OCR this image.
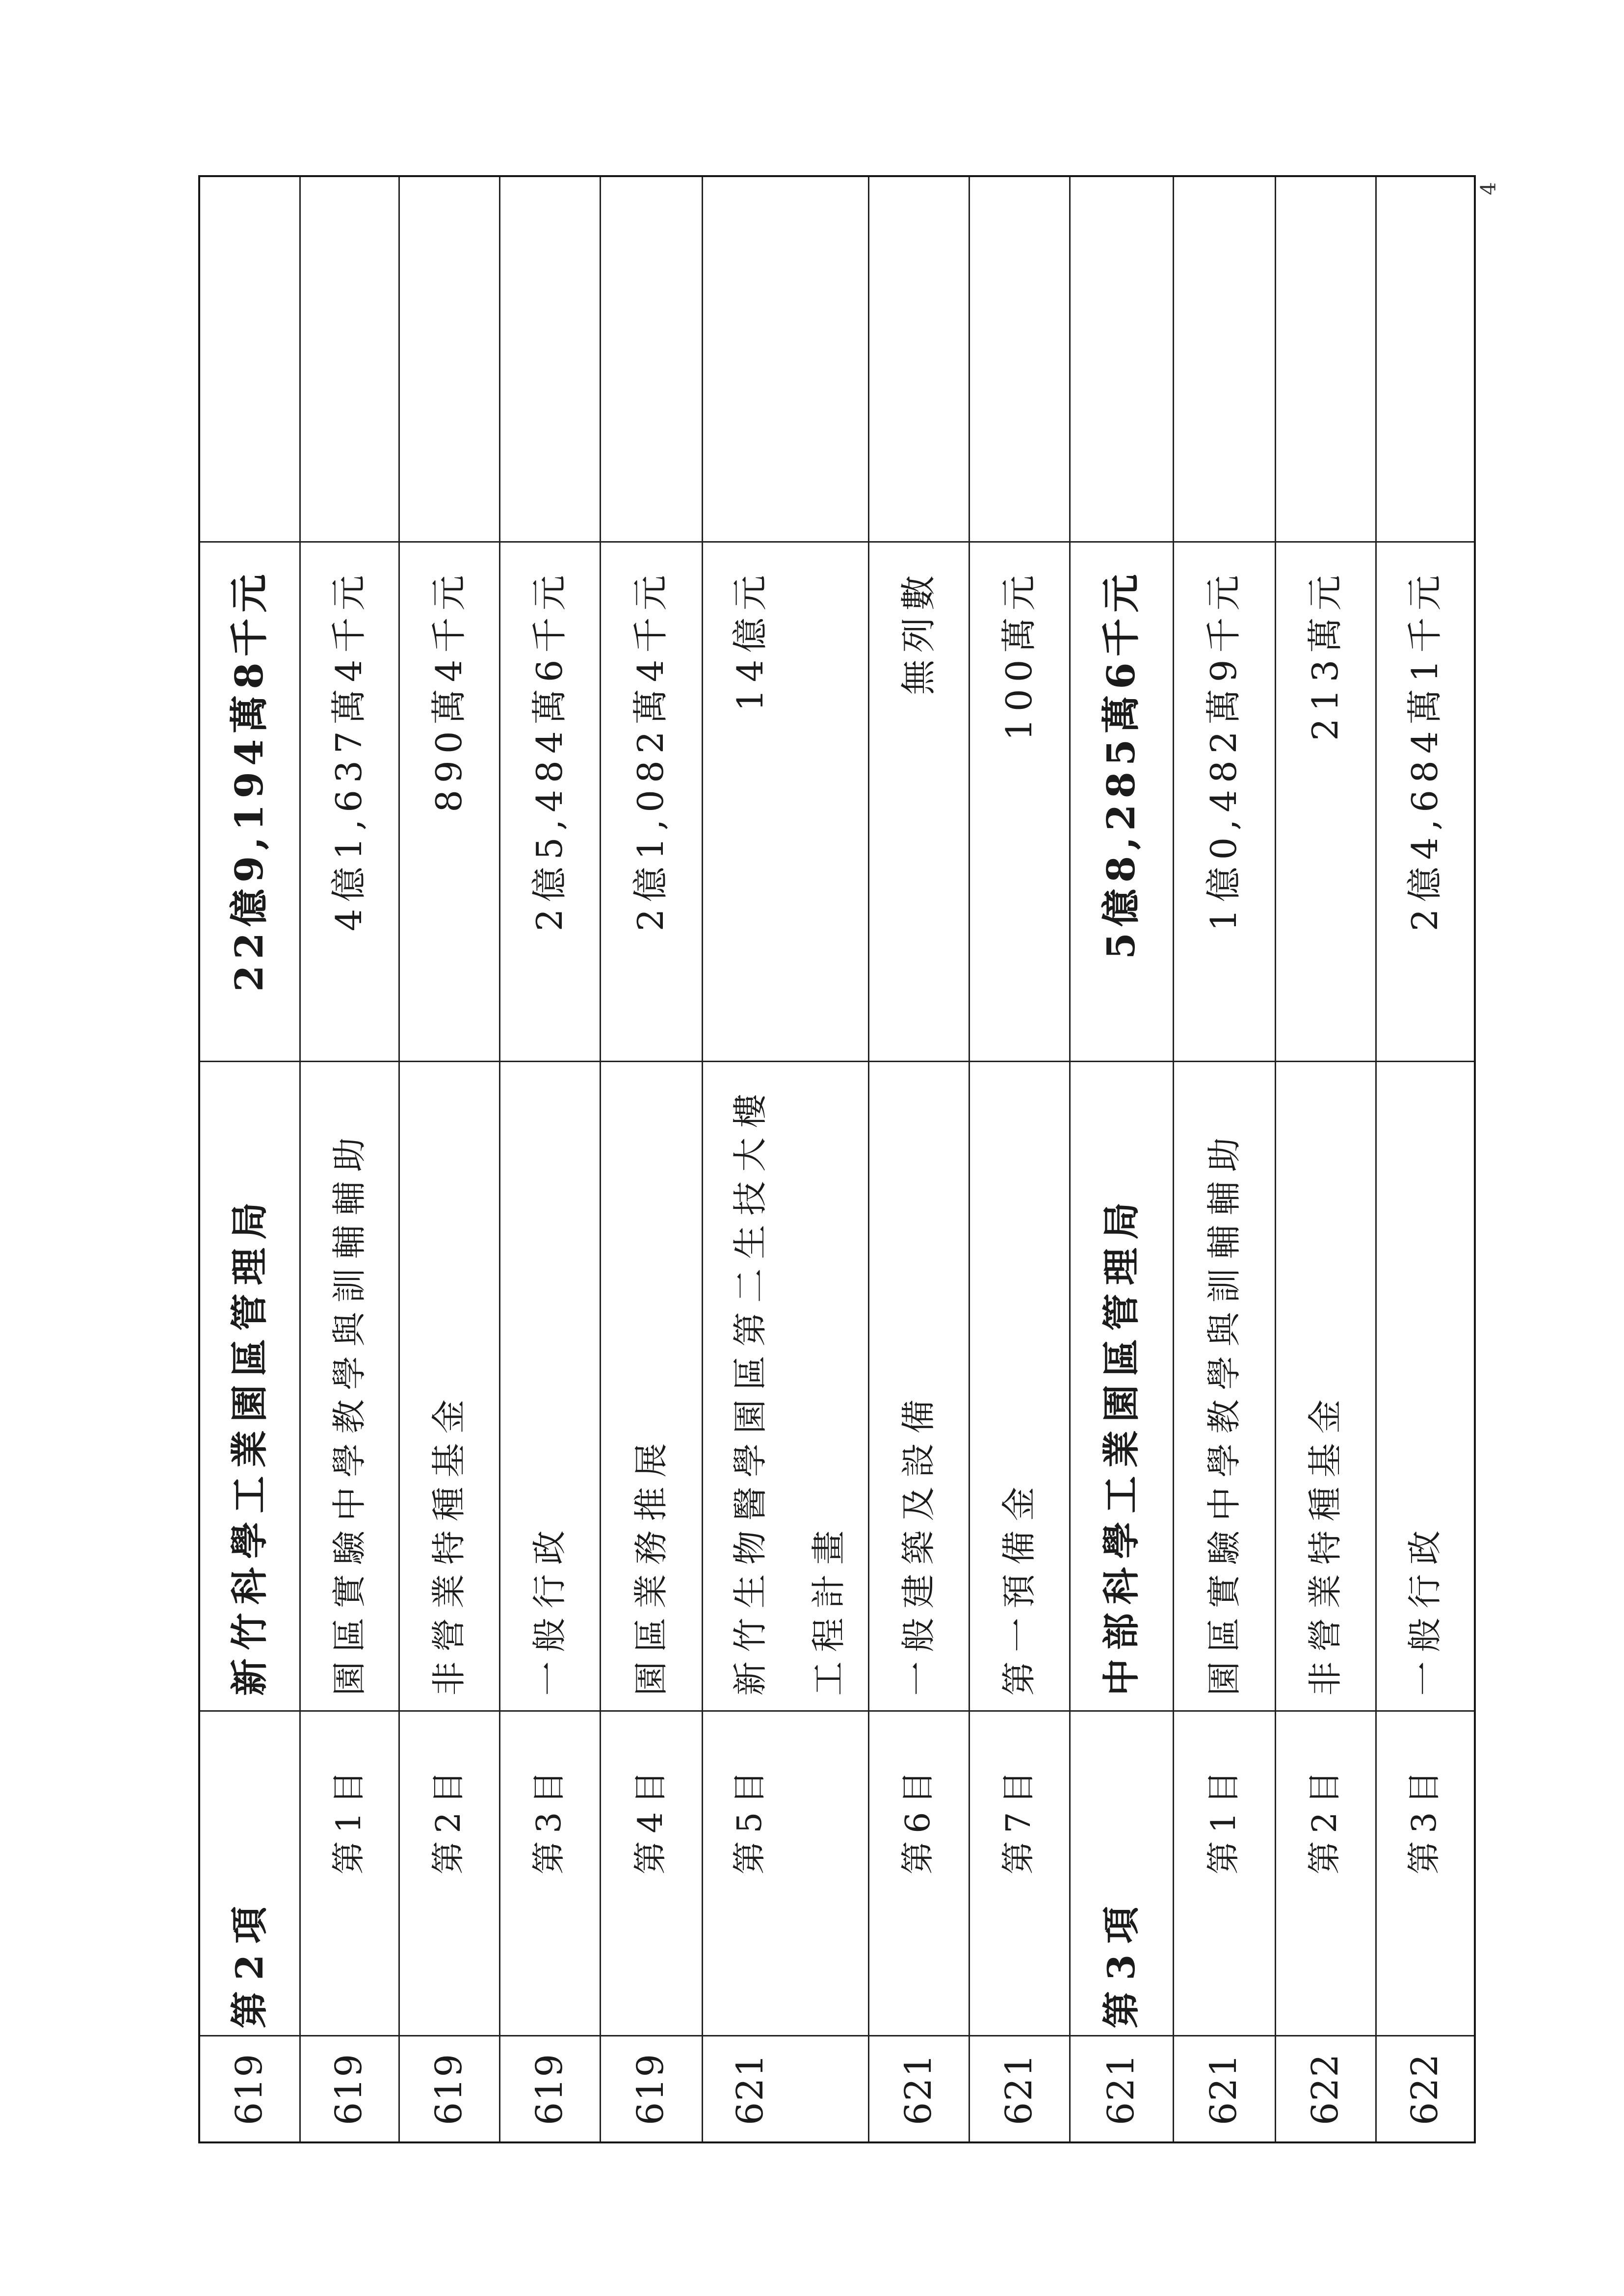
4
619	第2項	新竹科學工業園區管理局	22億9,194萬8千元	
619	第1目	園區實驗中學教學與訓輔輔助	4億1,637萬4千元	
619	第2目	非營業特種基金	890萬4千元	
619	第3目	一般行政	2億5,484萬6千元	
619	第4目	園區業務推展	2億1,082萬4千元	
621	第5目	新竹生物醫學園區第二生技大樓 工程計畫	14億元	
621	第6目	一般建築及設備	無列數	
621	第7目	第一預備金	100萬元	
621	第3項	中部科學工業園區管理局	5億8,285萬6千元	
621	第1目	園區實驗中學教學與訓輔輔助	1億0,482萬9千元	
622	第2目	非營業特種基金	213萬元	
622	第3目	一般行政	2億4,684萬1千元	
